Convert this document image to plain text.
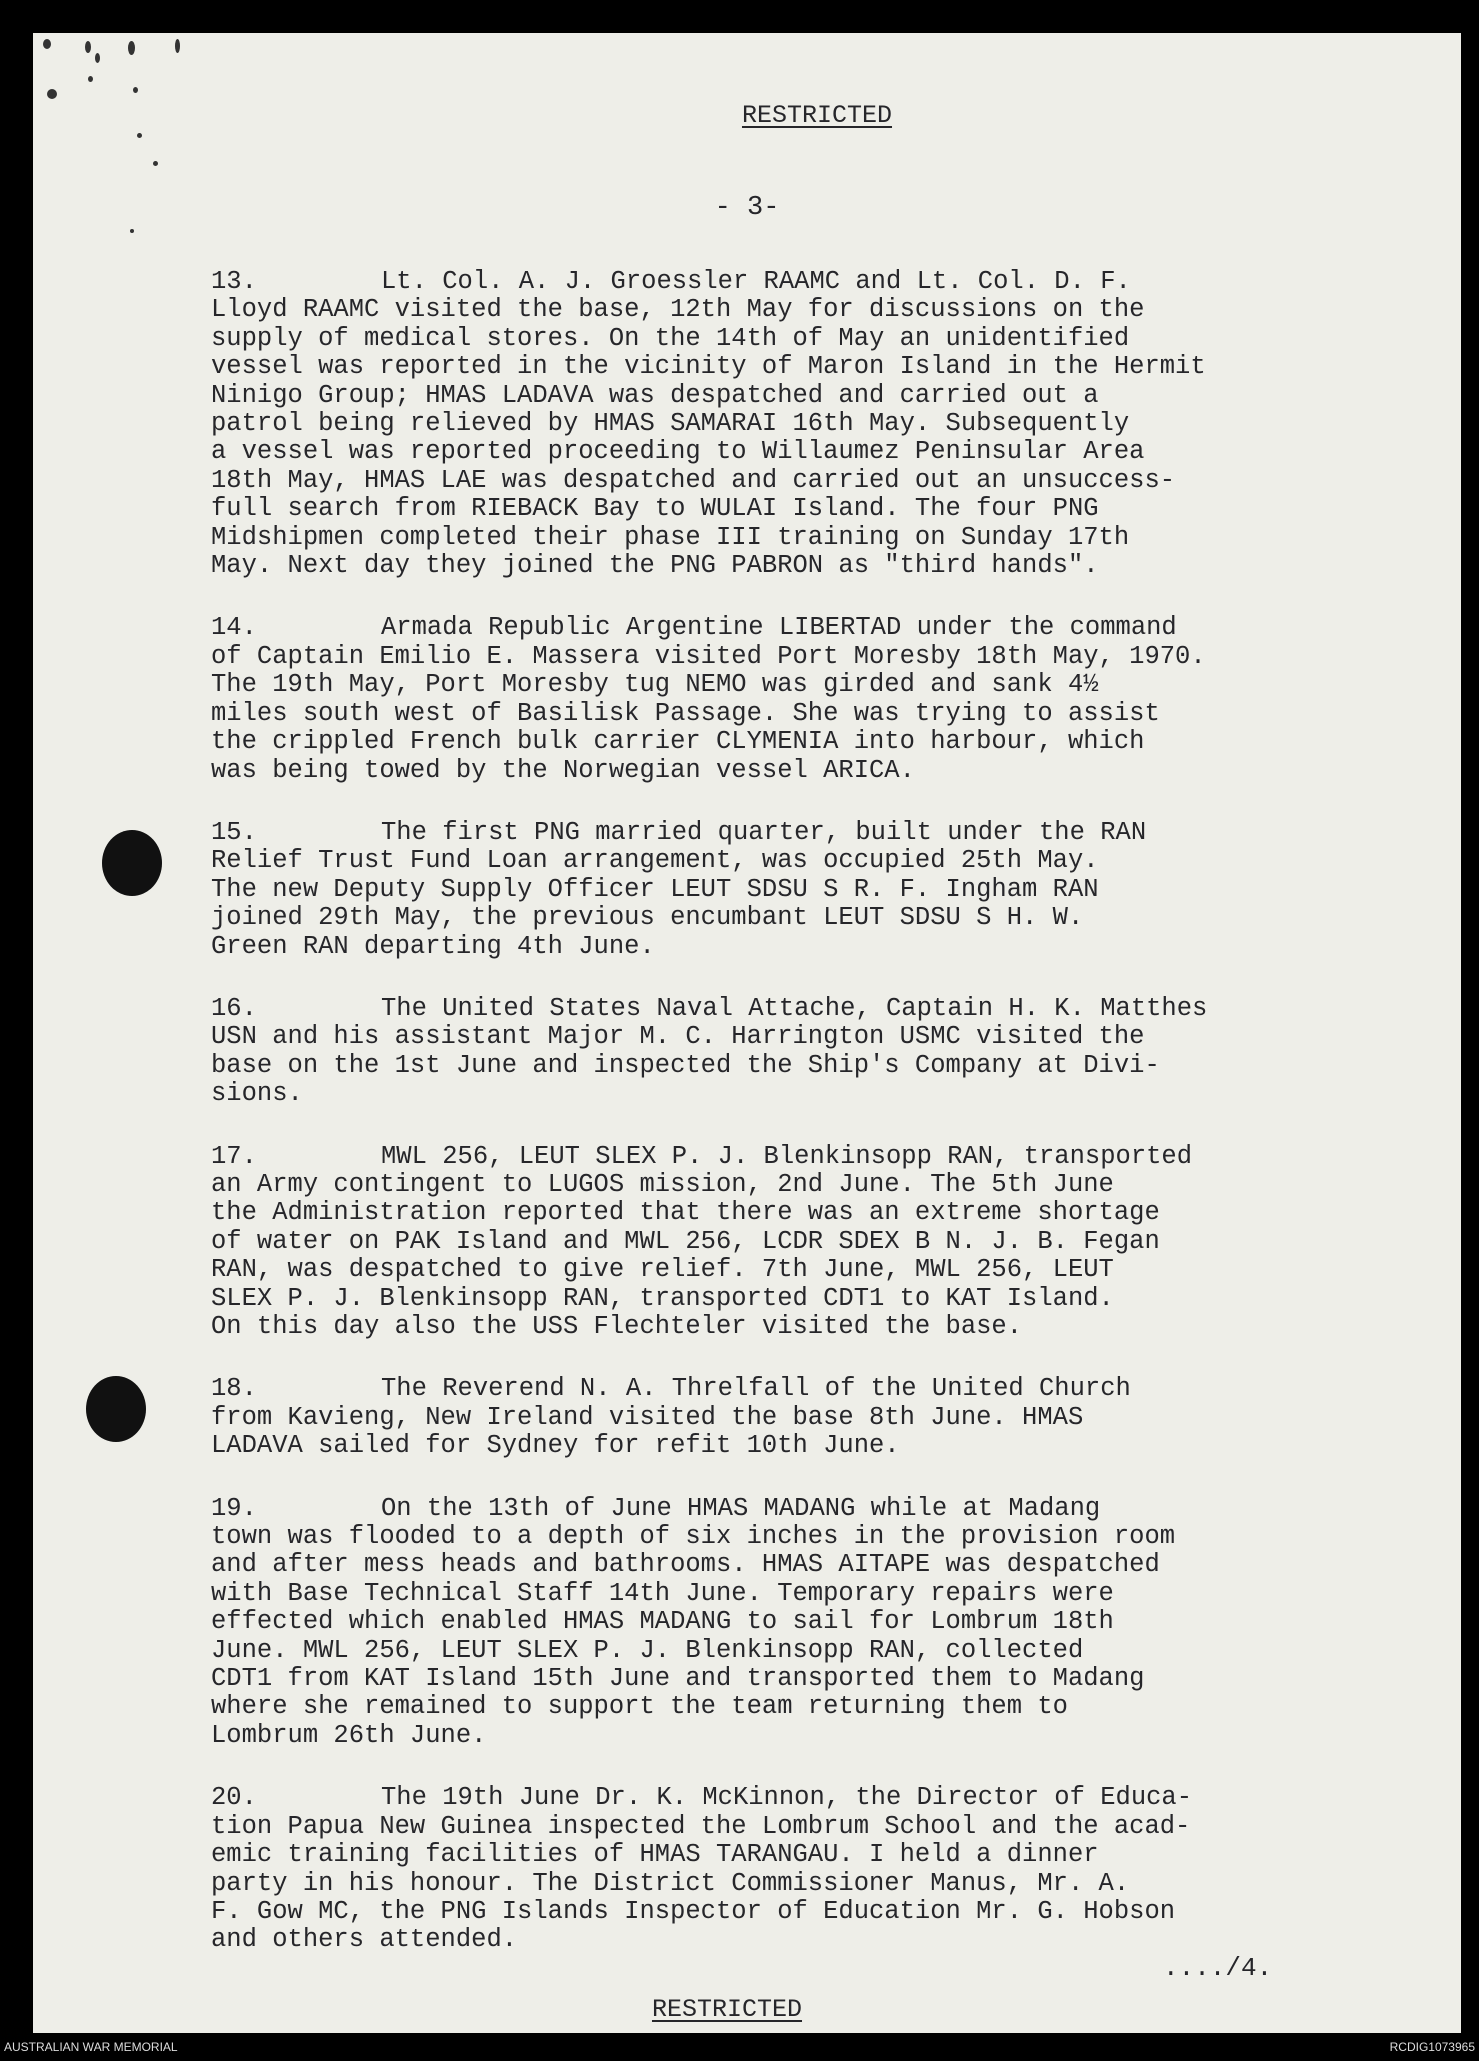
RESTRICTED
- 3-

13.	Lt. Col. A. J. Groessler RAAMC and Lt. Col. D. F.
Lloyd RAAMC visited the base, 12th May for discussions on the
supply of medical stores. On the 14th of May an unidentified
vessel was reported in the vicinity of Maron Island in the Hermit
Ninigo Group; HMAS LADAVA was despatched and carried out a
patrol being relieved by HMAS SAMARAI 16th May. Subsequently
a vessel was reported proceeding to Willaumez Peninsular Area
18th May, HMAS LAE was despatched and carried out an unsuccess-
full search from RIEBACK Bay to WULAI Island. The four PNG
Midshipmen completed their phase III training on Sunday 17th
May. Next day they joined the PNG PABRON as "third hands".

14.	Armada Republic Argentine LIBERTAD under the command
of Captain Emilio E. Massera visited Port Moresby 18th May, 1970.
The 19th May, Port Moresby tug NEMO was girded and sank 4½
miles south west of Basilisk Passage. She was trying to assist
the crippled French bulk carrier CLYMENIA into harbour, which
was being towed by the Norwegian vessel ARICA.

15.	The first PNG married quarter, built under the RAN
Relief Trust Fund Loan arrangement, was occupied 25th May.
The new Deputy Supply Officer LEUT SDSU S R. F. Ingham RAN
joined 29th May, the previous encumbant LEUT SDSU S H. W.
Green RAN departing 4th June.

16.	The United States Naval Attache, Captain H. K. Matthes
USN and his assistant Major M. C. Harrington USMC visited the
base on the 1st June and inspected the Ship's Company at Divi-
sions.

17.	MWL 256, LEUT SLEX P. J. Blenkinsopp RAN, transported
an Army contingent to LUGOS mission, 2nd June. The 5th June
the Administration reported that there was an extreme shortage
of water on PAK Island and MWL 256, LCDR SDEX B N. J. B. Fegan
RAN, was despatched to give relief. 7th June, MWL 256, LEUT
SLEX P. J. Blenkinsopp RAN, transported CDT1 to KAT Island.
On this day also the USS Flechteler visited the base.

18.	The Reverend N. A. Threlfall of the United Church
from Kavieng, New Ireland visited the base 8th June. HMAS
LADAVA sailed for Sydney for refit 10th June.

19.	On the 13th of June HMAS MADANG while at Madang
town was flooded to a depth of six inches in the provision room
and after mess heads and bathrooms. HMAS AITAPE was despatched
with Base Technical Staff 14th June. Temporary repairs were
effected which enabled HMAS MADANG to sail for Lombrum 18th
June. MWL 256, LEUT SLEX P. J. Blenkinsopp RAN, collected
CDT1 from KAT Island 15th June and transported them to Madang
where she remained to support the team returning them to
Lombrum 26th June.

20.	The 19th June Dr. K. McKinnon, the Director of Educa-
tion Papua New Guinea inspected the Lombrum School and the acad-
emic training facilities of HMAS TARANGAU. I held a dinner
party in his honour. The District Commissioner Manus, Mr. A.
F. Gow MC, the PNG Islands Inspector of Education Mr. G. Hobson
and others attended.

..../4.
RESTRICTED
AUSTRALIAN WAR MEMORIAL	RCDIG1073965
